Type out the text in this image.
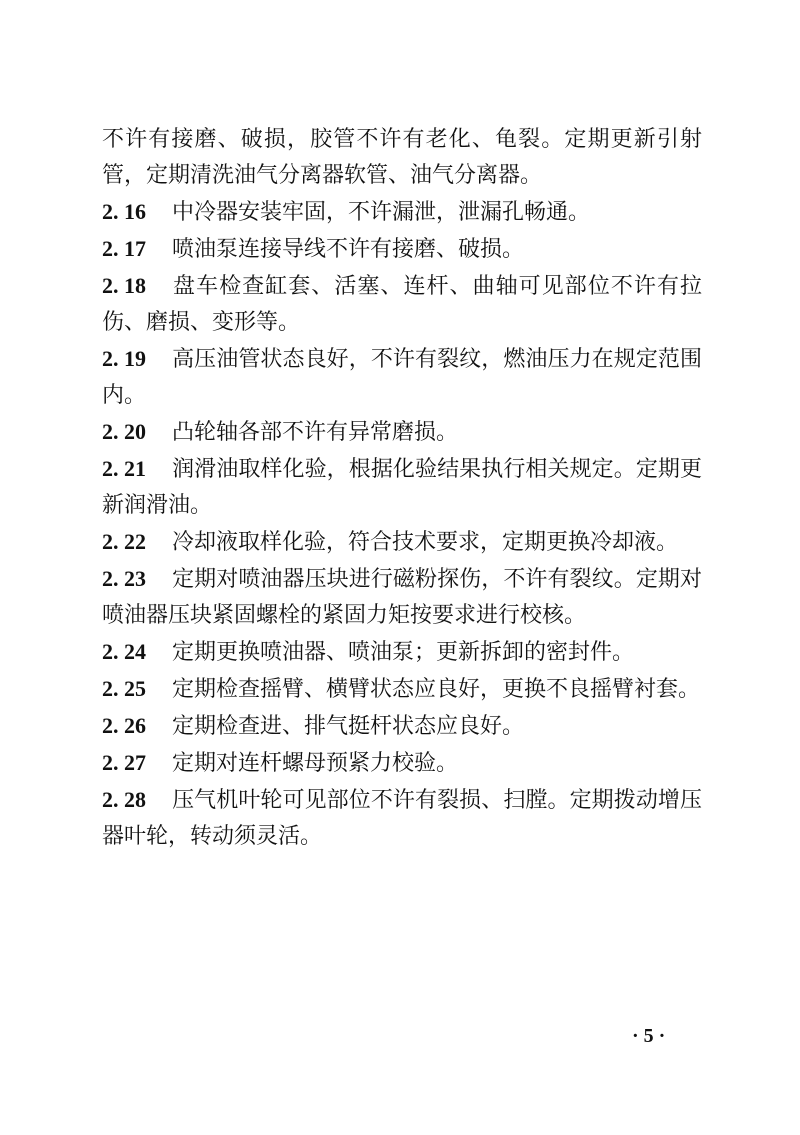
不许有接磨、破损，胶管不许有老化、龟裂。定期更新引射管，定期清洗油气分离器软管、油气分离器。

2. 16 中冷器安装牢固，不许漏泄，泄漏孔畅通。

2. 17 喷油泵连接导线不许有接磨、破损。

2. 18 盘车检查缸套、活塞、连杆、曲轴可见部位不许有拉伤、磨损、变形等。

2. 19 高压油管状态良好，不许有裂纹，燃油压力在规定范围内。

2. 20 凸轮轴各部不许有异常磨损。

2. 21 润滑油取样化验，根据化验结果执行相关规定。定期更新润滑油。

2. 22 冷却液取样化验，符合技术要求，定期更换冷却液。

2. 23 定期对喷油器压块进行磁粉探伤，不许有裂纹。定期对喷油器压块紧固螺栓的紧固力矩按要求进行校核。

2. 24 定期更换喷油器、喷油泵；更新拆卸的密封件。

2. 25 定期检查摇臂、横臂状态应良好，更换不良摇臂衬套。

2. 26 定期检查进、排气挺杆状态应良好。

2. 27 定期对连杆螺母预紧力校验。

2. 28 压气机叶轮可见部位不许有裂损、扫膛。定期拨动增压器叶轮，转动须灵活。

· 5 ·
